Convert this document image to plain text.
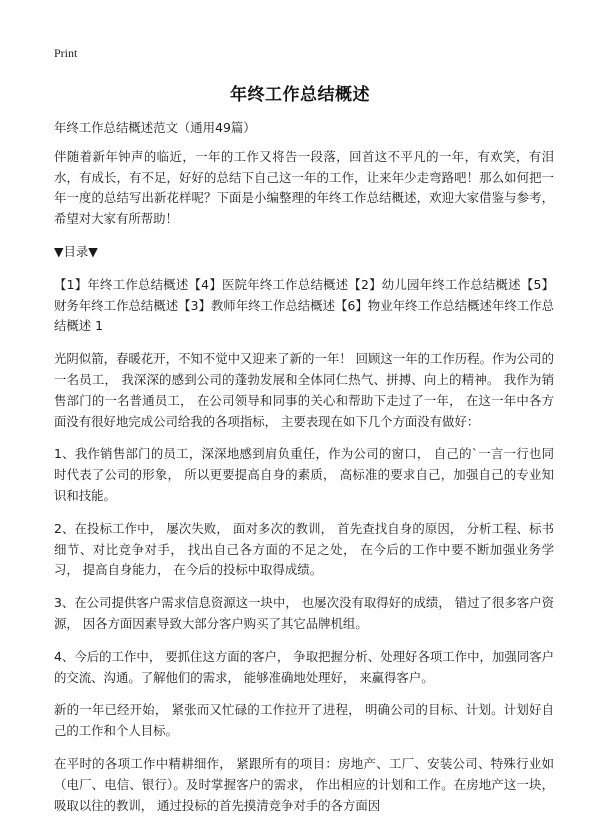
Print
年终工作总结概述

年终工作总结概述范文（通用49篇）

伴随着新年钟声的临近，一年的工作又将告一段落，回首这不平凡的一年，有欢笑，有泪水，有成长，有不足，好好的总结下自己这一年的工作，让来年少走弯路吧！那么如何把一年一度的总结写出新花样呢？下面是小编整理的年终工作总结概述，欢迎大家借鉴与参考，希望对大家有所帮助！

▼目录▼

【1】年终工作总结概述【4】医院年终工作总结概述【2】幼儿园年终工作总结概述【5】财务年终工作总结概述【3】教师年终工作总结概述【6】物业年终工作总结概述年终工作总结概述 1

光阴似箭，春暖花开，不知不觉中又迎来了新的一年！ 回顾这一年的工作历程。作为公司的一名员工， 我深深的感到公司的蓬勃发展和全体同仁热气、拼搏、向上的精神。 我作为销售部门的一名普通员工， 在公司领导和同事的关心和帮助下走过了一年， 在这一年中各方面没有很好地完成公司给我的各项指标， 主要表现在如下几个方面没有做好：

1、我作销售部门的员工，深深地感到肩负重任，作为公司的窗口， 自己的`一言一行也同时代表了公司的形象， 所以更要提高自身的素质， 高标准的要求自己，加强自己的专业知识和技能。

2、在投标工作中， 屡次失败， 面对多次的教训， 首先查找自身的原因， 分析工程、标书细节、对比竞争对手， 找出自己各方面的不足之处， 在今后的工作中要不断加强业务学习， 提高自身能力， 在今后的投标中取得成绩。

3、在公司提供客户需求信息资源这一块中， 也屡次没有取得好的成绩， 错过了很多客户资源， 因各方面因素导致大部分客户购买了其它品牌机组。

4、今后的工作中， 要抓住这方面的客户， 争取把握分析、处理好各项工作中，加强同客户的交流、沟通。了解他们的需求， 能够准确地处理好， 来赢得客户。

新的一年已经开始， 紧张而又忙碌的工作拉开了进程， 明确公司的目标、计划。计划好自己的工作和个人目标。

在平时的各项工作中精耕细作， 紧跟所有的项目：房地产、工厂、安装公司、特殊行业如（电厂、电信、银行）。及时掌握客户的需求， 作出相应的计划和工作。在房地产这一块， 吸取以往的教训， 通过投标的首先摸清竞争对手的各方面因
